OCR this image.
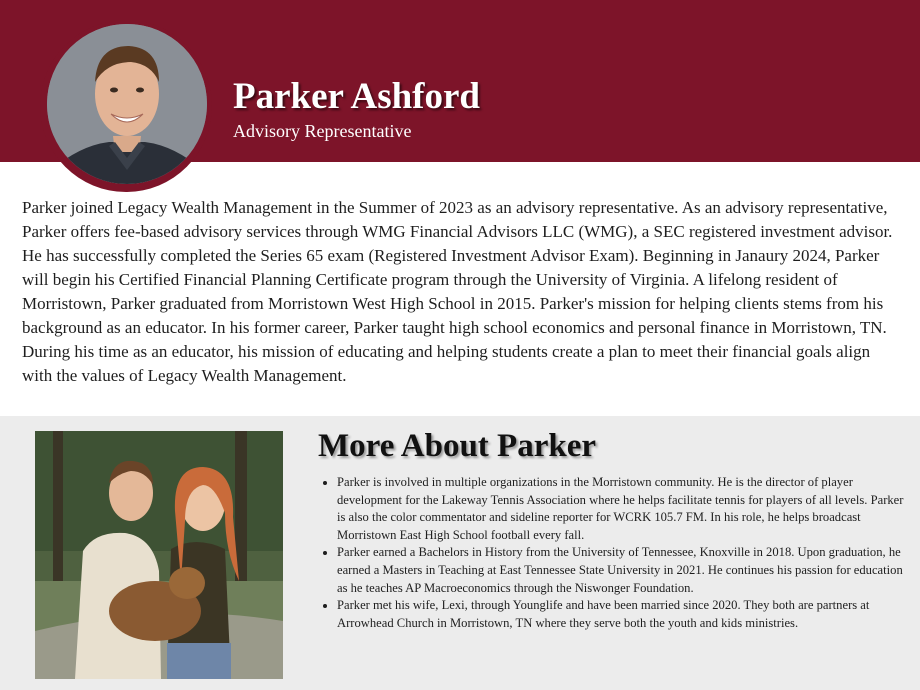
Parker Ashford
Advisory Representative

Parker joined Legacy Wealth Management in the Summer of 2023 as an advisory representative. As an advisory representative, Parker offers fee-based advisory services through WMG Financial Advisors LLC (WMG), a SEC registered investment advisor. He has successfully completed the Series 65 exam (Registered Investment Advisor Exam). Beginning in Janaury 2024, Parker will begin his Certified Financial Planning Certificate program through the University of Virginia. A lifelong resident of Morristown, Parker graduated from Morristown West High School in 2015. Parker's mission for helping clients stems from his background as an educator. In his former career, Parker taught high school economics and personal finance in Morristown, TN. During his time as an educator, his mission of educating and helping students create a plan to meet their financial goals align with the values of Legacy Wealth Management.

More About Parker
• Parker is involved in multiple organizations in the Morristown community. He is the director of player development for the Lakeway Tennis Association where he helps facilitate tennis for players of all levels. Parker is also the color commentator and sideline reporter for WCRK 105.7 FM. In his role, he helps broadcast Morristown East High School football every fall.
• Parker earned a Bachelors in History from the University of Tennessee, Knoxville in 2018. Upon graduation, he earned a Masters in Teaching at East Tennessee State University in 2021. He continues his passion for education as he teaches AP Macroeconomics through the Niswonger Foundation.
• Parker met his wife, Lexi, through Younglife and have been married since 2020. They both are partners at Arrowhead Church in Morristown, TN where they serve both the youth and kids ministries.
